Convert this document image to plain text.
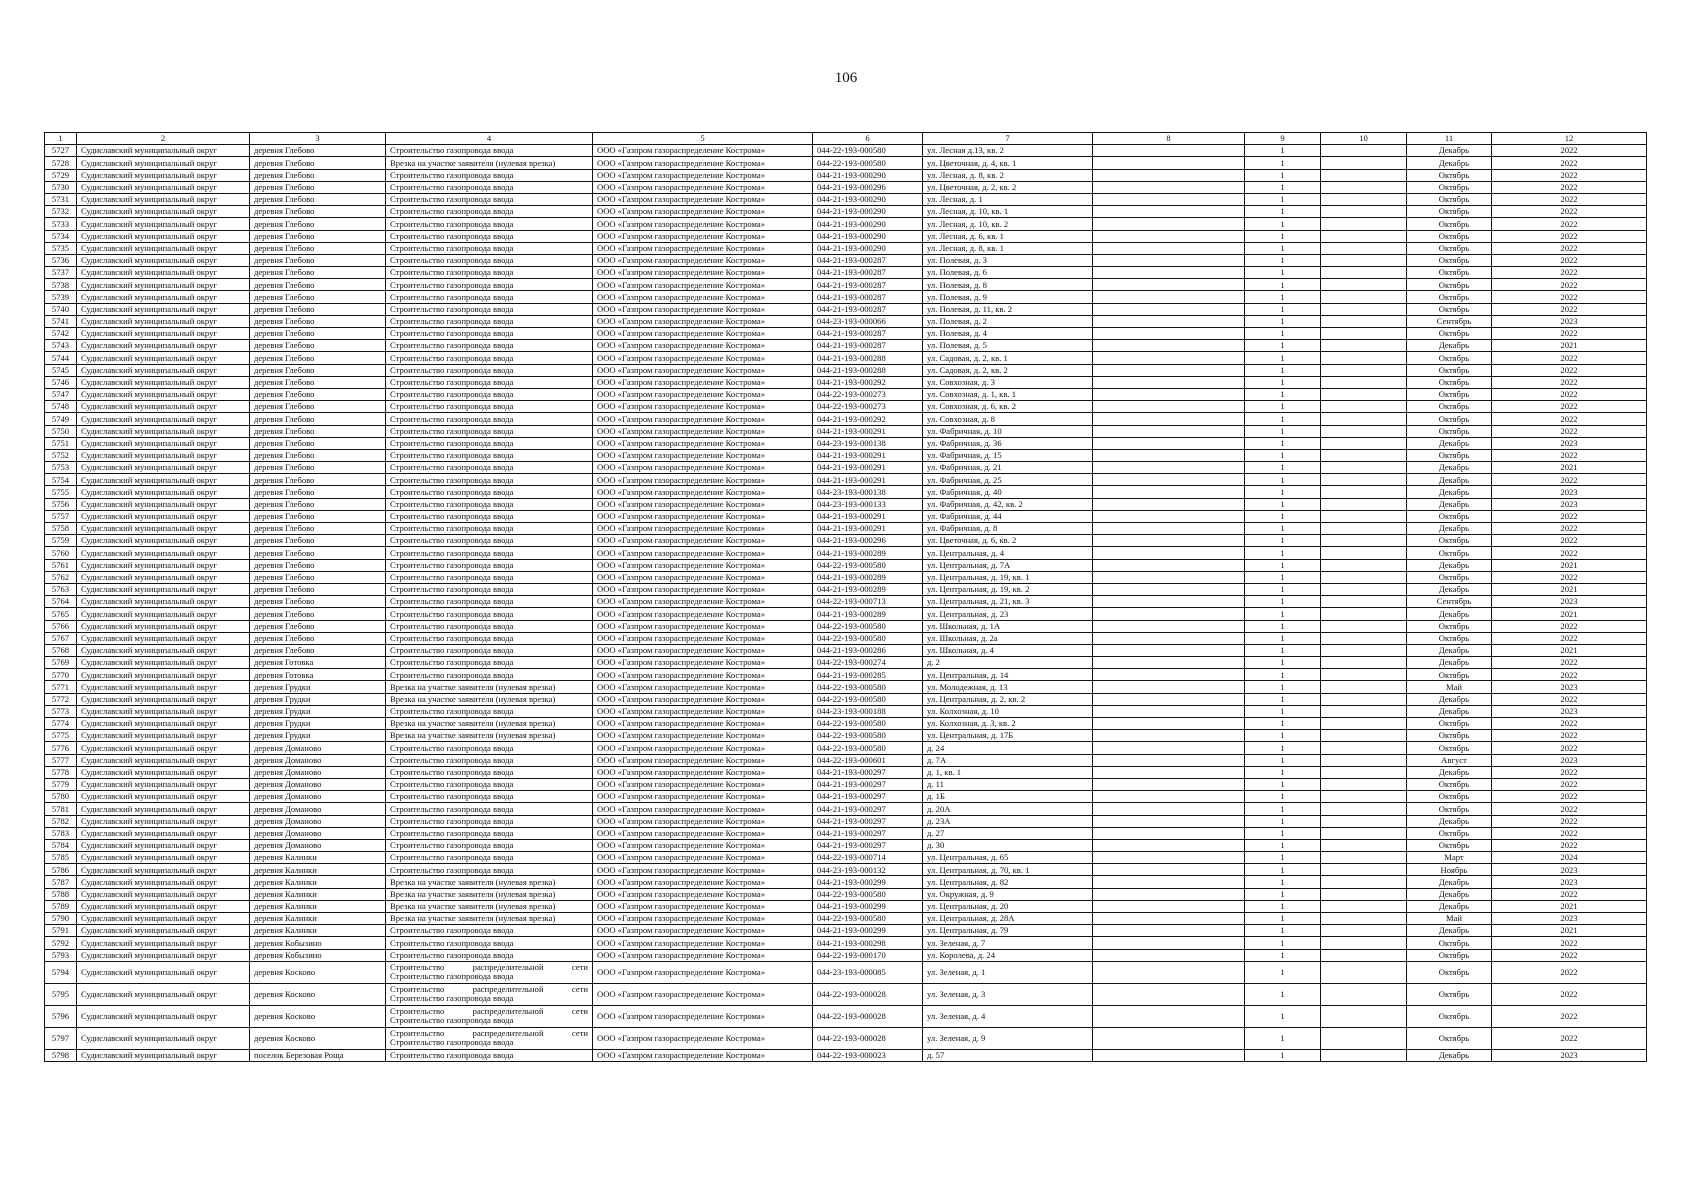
106
1	2	3	4	5	6	7	8	9	10	11	12
5727	Судиславский муниципальный округ	деревня Глебово	Строительство газопровода ввода	ООО «Газпром газораспределение Кострома»	044-22-193-000580	ул. Лесная д.13, кв. 2		1		Декабрь	2022
5728	Судиславский муниципальный округ	деревня Глебово	Врезка на участке заявителя (нулевая врезка)	ООО «Газпром газораспределение Кострома»	044-22-193-000580	ул. Цветочная, д. 4, кв. 1		1		Декабрь	2022
5729	Судиславский муниципальный округ	деревня Глебово	Строительство газопровода ввода	ООО «Газпром газораспределение Кострома»	044-21-193-000290	ул. Лесная, д. 8, кв. 2		1		Октябрь	2022
5730	Судиславский муниципальный округ	деревня Глебово	Строительство газопровода ввода	ООО «Газпром газораспределение Кострома»	044-21-193-000296	ул. Цветочная, д. 2, кв. 2		1		Октябрь	2022
5731	Судиславский муниципальный округ	деревня Глебово	Строительство газопровода ввода	ООО «Газпром газораспределение Кострома»	044-21-193-000290	ул. Лесная, д. 1		1		Октябрь	2022
5732	Судиславский муниципальный округ	деревня Глебово	Строительство газопровода ввода	ООО «Газпром газораспределение Кострома»	044-21-193-000290	ул. Лесная, д. 10, кв. 1		1		Октябрь	2022
5733	Судиславский муниципальный округ	деревня Глебово	Строительство газопровода ввода	ООО «Газпром газораспределение Кострома»	044-21-193-000290	ул. Лесная, д. 10, кв. 2		1		Октябрь	2022
5734	Судиславский муниципальный округ	деревня Глебово	Строительство газопровода ввода	ООО «Газпром газораспределение Кострома»	044-21-193-000290	ул. Лесная, д. 6, кв. 1		1		Октябрь	2022
5735	Судиславский муниципальный округ	деревня Глебово	Строительство газопровода ввода	ООО «Газпром газораспределение Кострома»	044-21-193-000290	ул. Лесная, д. 8, кв. 1		1		Октябрь	2022
5736	Судиславский муниципальный округ	деревня Глебово	Строительство газопровода ввода	ООО «Газпром газораспределение Кострома»	044-21-193-000287	ул. Полевая, д. 3		1		Октябрь	2022
5737	Судиславский муниципальный округ	деревня Глебово	Строительство газопровода ввода	ООО «Газпром газораспределение Кострома»	044-21-193-000287	ул. Полевая, д. 6		1		Октябрь	2022
5738	Судиславский муниципальный округ	деревня Глебово	Строительство газопровода ввода	ООО «Газпром газораспределение Кострома»	044-21-193-000287	ул. Полевая, д. 8		1		Октябрь	2022
5739	Судиславский муниципальный округ	деревня Глебово	Строительство газопровода ввода	ООО «Газпром газораспределение Кострома»	044-21-193-000287	ул. Полевая, д. 9		1		Октябрь	2022
5740	Судиславский муниципальный округ	деревня Глебово	Строительство газопровода ввода	ООО «Газпром газораспределение Кострома»	044-21-193-000287	ул. Полевая, д. 11, кв. 2		1		Октябрь	2022
5741	Судиславский муниципальный округ	деревня Глебово	Строительство газопровода ввода	ООО «Газпром газораспределение Кострома»	044-23-193-000066	ул. Полевая, д. 2		1		Сентябрь	2023
5742	Судиславский муниципальный округ	деревня Глебово	Строительство газопровода ввода	ООО «Газпром газораспределение Кострома»	044-21-193-000287	ул. Полевая, д. 4		1		Октябрь	2022
5743	Судиславский муниципальный округ	деревня Глебово	Строительство газопровода ввода	ООО «Газпром газораспределение Кострома»	044-21-193-000287	ул. Полевая, д. 5		1		Декабрь	2021
5744	Судиславский муниципальный округ	деревня Глебово	Строительство газопровода ввода	ООО «Газпром газораспределение Кострома»	044-21-193-000288	ул. Садовая, д. 2, кв. 1		1		Октябрь	2022
5745	Судиславский муниципальный округ	деревня Глебово	Строительство газопровода ввода	ООО «Газпром газораспределение Кострома»	044-21-193-000288	ул. Садовая, д. 2, кв. 2		1		Октябрь	2022
5746	Судиславский муниципальный округ	деревня Глебово	Строительство газопровода ввода	ООО «Газпром газораспределение Кострома»	044-21-193-000292	ул. Совхозная, д. 3		1		Октябрь	2022
5747	Судиславский муниципальный округ	деревня Глебово	Строительство газопровода ввода	ООО «Газпром газораспределение Кострома»	044-22-193-000273	ул. Совхозная, д. 1, кв. 1		1		Октябрь	2022
5748	Судиславский муниципальный округ	деревня Глебово	Строительство газопровода ввода	ООО «Газпром газораспределение Кострома»	044-22-193-000273	ул. Совхозная, д. 6, кв. 2		1		Октябрь	2022
5749	Судиславский муниципальный округ	деревня Глебово	Строительство газопровода ввода	ООО «Газпром газораспределение Кострома»	044-21-193-000292	ул. Совхозная, д. 8		1		Октябрь	2022
5750	Судиславский муниципальный округ	деревня Глебово	Строительство газопровода ввода	ООО «Газпром газораспределение Кострома»	044-21-193-000291	ул. Фабричная, д. 10		1		Октябрь	2022
5751	Судиславский муниципальный округ	деревня Глебово	Строительство газопровода ввода	ООО «Газпром газораспределение Кострома»	044-23-193-000138	ул. Фабричная, д. 36		1		Декабрь	2023
5752	Судиславский муниципальный округ	деревня Глебово	Строительство газопровода ввода	ООО «Газпром газораспределение Кострома»	044-21-193-000291	ул. Фабричная, д. 15		1		Октябрь	2022
5753	Судиславский муниципальный округ	деревня Глебово	Строительство газопровода ввода	ООО «Газпром газораспределение Кострома»	044-21-193-000291	ул. Фабричная, д. 21		1		Декабрь	2021
5754	Судиславский муниципальный округ	деревня Глебово	Строительство газопровода ввода	ООО «Газпром газораспределение Кострома»	044-21-193-000291	ул. Фабричная, д. 25		1		Декабрь	2022
5755	Судиславский муниципальный округ	деревня Глебово	Строительство газопровода ввода	ООО «Газпром газораспределение Кострома»	044-23-193-000138	ул. Фабричная, д. 40		1		Декабрь	2023
5756	Судиславский муниципальный округ	деревня Глебово	Строительство газопровода ввода	ООО «Газпром газораспределение Кострома»	044-23-193-000133	ул. Фабричная, д. 42, кв. 2		1		Декабрь	2023
5757	Судиславский муниципальный округ	деревня Глебово	Строительство газопровода ввода	ООО «Газпром газораспределение Кострома»	044-21-193-000291	ул. Фабричная, д. 44		1		Октябрь	2022
5758	Судиславский муниципальный округ	деревня Глебово	Строительство газопровода ввода	ООО «Газпром газораспределение Кострома»	044-21-193-000291	ул. Фабричная, д. 8		1		Декабрь	2022
5759	Судиславский муниципальный округ	деревня Глебово	Строительство газопровода ввода	ООО «Газпром газораспределение Кострома»	044-21-193-000296	ул. Цветочная, д. 6, кв. 2		1		Октябрь	2022
5760	Судиславский муниципальный округ	деревня Глебово	Строительство газопровода ввода	ООО «Газпром газораспределение Кострома»	044-21-193-000289	ул. Центральная, д. 4		1		Октябрь	2022
5761	Судиславский муниципальный округ	деревня Глебово	Строительство газопровода ввода	ООО «Газпром газораспределение Кострома»	044-22-193-000580	ул. Центральная, д. 7А		1		Декабрь	2021
5762	Судиславский муниципальный округ	деревня Глебово	Строительство газопровода ввода	ООО «Газпром газораспределение Кострома»	044-21-193-000289	ул. Центральная, д. 19, кв. 1		1		Октябрь	2022
5763	Судиславский муниципальный округ	деревня Глебово	Строительство газопровода ввода	ООО «Газпром газораспределение Кострома»	044-21-193-000289	ул. Центральная, д. 19, кв. 2		1		Декабрь	2021
5764	Судиславский муниципальный округ	деревня Глебово	Строительство газопровода ввода	ООО «Газпром газораспределение Кострома»	044-22-193-000713	ул. Центральная, д. 21, кв. 3		1		Сентябрь	2023
5765	Судиславский муниципальный округ	деревня Глебово	Строительство газопровода ввода	ООО «Газпром газораспределение Кострома»	044-21-193-000289	ул. Центральная, д. 23		1		Декабрь	2021
5766	Судиславский муниципальный округ	деревня Глебово	Строительство газопровода ввода	ООО «Газпром газораспределение Кострома»	044-22-193-000580	ул. Школьная, д. 1А		1		Октябрь	2022
5767	Судиславский муниципальный округ	деревня Глебово	Строительство газопровода ввода	ООО «Газпром газораспределение Кострома»	044-22-193-000580	ул. Школьная, д. 2а		1		Октябрь	2022
5768	Судиславский муниципальный округ	деревня Глебово	Строительство газопровода ввода	ООО «Газпром газораспределение Кострома»	044-21-193-000286	ул. Школьная, д. 4		1		Декабрь	2021
5769	Судиславский муниципальный округ	деревня Готовка	Строительство газопровода ввода	ООО «Газпром газораспределение Кострома»	044-22-193-000274	д. 2		1		Декабрь	2022
5770	Судиславский муниципальный округ	деревня Готовка	Строительство газопровода ввода	ООО «Газпром газораспределение Кострома»	044-21-193-000285	ул. Центральная, д. 14		1		Октябрь	2022
5771	Судиславский муниципальный округ	деревня Грудки	Врезка на участке заявителя (нулевая врезка)	ООО «Газпром газораспределение Кострома»	044-22-193-000580	ул. Молодежная, д. 13		1		Май	2023
5772	Судиславский муниципальный округ	деревня Грудки	Врезка на участке заявителя (нулевая врезка)	ООО «Газпром газораспределение Кострома»	044-22-193-000580	ул. Центральная, д. 2, кв. 2		1		Декабрь	2022
5773	Судиславский муниципальный округ	деревня Грудки	Строительство газопровода ввода	ООО «Газпром газораспределение Кострома»	044-23-193-000188	ул. Колхозная, д. 10		1		Декабрь	2023
5774	Судиславский муниципальный округ	деревня Грудки	Врезка на участке заявителя (нулевая врезка)	ООО «Газпром газораспределение Кострома»	044-22-193-000580	ул. Колхозная, д. 3, кв. 2		1		Октябрь	2022
5775	Судиславский муниципальный округ	деревня Грудки	Врезка на участке заявителя (нулевая врезка)	ООО «Газпром газораспределение Кострома»	044-22-193-000580	ул. Центральная, д. 17Б		1		Октябрь	2022
5776	Судиславский муниципальный округ	деревня Доманово	Строительство газопровода ввода	ООО «Газпром газораспределение Кострома»	044-22-193-000580	д. 24		1		Октябрь	2022
5777	Судиславский муниципальный округ	деревня Доманово	Строительство газопровода ввода	ООО «Газпром газораспределение Кострома»	044-22-193-000601	д. 7А		1		Август	2023
5778	Судиславский муниципальный округ	деревня Доманово	Строительство газопровода ввода	ООО «Газпром газораспределение Кострома»	044-21-193-000297	д. 1, кв. 1		1		Декабрь	2022
5779	Судиславский муниципальный округ	деревня Доманово	Строительство газопровода ввода	ООО «Газпром газораспределение Кострома»	044-21-193-000297	д. 11		1		Октябрь	2022
5780	Судиславский муниципальный округ	деревня Доманово	Строительство газопровода ввода	ООО «Газпром газораспределение Кострома»	044-21-193-000297	д. 1Б		1		Октябрь	2022
5781	Судиславский муниципальный округ	деревня Доманово	Строительство газопровода ввода	ООО «Газпром газораспределение Кострома»	044-21-193-000297	д. 20А		1		Октябрь	2022
5782	Судиславский муниципальный округ	деревня Доманово	Строительство газопровода ввода	ООО «Газпром газораспределение Кострома»	044-21-193-000297	д. 23А		1		Декабрь	2022
5783	Судиславский муниципальный округ	деревня Доманово	Строительство газопровода ввода	ООО «Газпром газораспределение Кострома»	044-21-193-000297	д. 27		1		Октябрь	2022
5784	Судиславский муниципальный округ	деревня Доманово	Строительство газопровода ввода	ООО «Газпром газораспределение Кострома»	044-21-193-000297	д. 30		1		Октябрь	2022
5785	Судиславский муниципальный округ	деревня Калинки	Строительство газопровода ввода	ООО «Газпром газораспределение Кострома»	044-22-193-000714	ул. Центральная, д. 65		1		Март	2024
5786	Судиславский муниципальный округ	деревня Калинки	Строительство газопровода ввода	ООО «Газпром газораспределение Кострома»	044-23-193-000132	ул. Центральная, д. 70, кв. 1		1		Ноябрь	2023
5787	Судиславский муниципальный округ	деревня Калинки	Врезка на участке заявителя (нулевая врезка)	ООО «Газпром газораспределение Кострома»	044-21-193-000299	ул. Центральная, д. 82		1		Декабрь	2023
5788	Судиславский муниципальный округ	деревня Калинки	Врезка на участке заявителя (нулевая врезка)	ООО «Газпром газораспределение Кострома»	044-22-193-000580	ул. Окружная, д. 9		1		Декабрь	2022
5789	Судиславский муниципальный округ	деревня Калинки	Врезка на участке заявителя (нулевая врезка)	ООО «Газпром газораспределение Кострома»	044-21-193-000299	ул. Центральная, д. 20		1		Декабрь	2021
5790	Судиславский муниципальный округ	деревня Калинки	Врезка на участке заявителя (нулевая врезка)	ООО «Газпром газораспределение Кострома»	044-22-193-000580	ул. Центральная, д. 28А		1		Май	2023
5791	Судиславский муниципальный округ	деревня Калинки	Строительство газопровода ввода	ООО «Газпром газораспределение Кострома»	044-21-193-000299	ул. Центральная, д. 79		1		Декабрь	2021
5792	Судиславский муниципальный округ	деревня Кобызино	Строительство газопровода ввода	ООО «Газпром газораспределение Кострома»	044-21-193-000298	ул. Зеленая, д. 7		1		Октябрь	2022
5793	Судиславский муниципальный округ	деревня Кобызино	Строительство газопровода ввода	ООО «Газпром газораспределение Кострома»	044-22-193-000170	ул. Королева, д. 24		1		Октябрь	2022
5794	Судиславский муниципальный округ	деревня Косково	Строительство распределительной сети Строительство газопровода ввода	ООО «Газпром газораспределение Кострома»	044-23-193-000085	ул. Зеленая, д. 1		1		Октябрь	2022
5795	Судиславский муниципальный округ	деревня Косково	Строительство распределительной сети Строительство газопровода ввода	ООО «Газпром газораспределение Кострома»	044-22-193-000028	ул. Зеленая, д. 3		1		Октябрь	2022
5796	Судиславский муниципальный округ	деревня Косково	Строительство распределительной сети Строительство газопровода ввода	ООО «Газпром газораспределение Кострома»	044-22-193-000028	ул. Зеленая, д. 4		1		Октябрь	2022
5797	Судиславский муниципальный округ	деревня Косково	Строительство распределительной сети Строительство газопровода ввода	ООО «Газпром газораспределение Кострома»	044-22-193-000028	ул. Зеленая, д. 9		1		Октябрь	2022
5798	Судиславский муниципальный округ	поселок Березовая Роща	Строительство газопровода ввода	ООО «Газпром газораспределение Кострома»	044-22-193-000023	д. 57		1		Декабрь	2023
